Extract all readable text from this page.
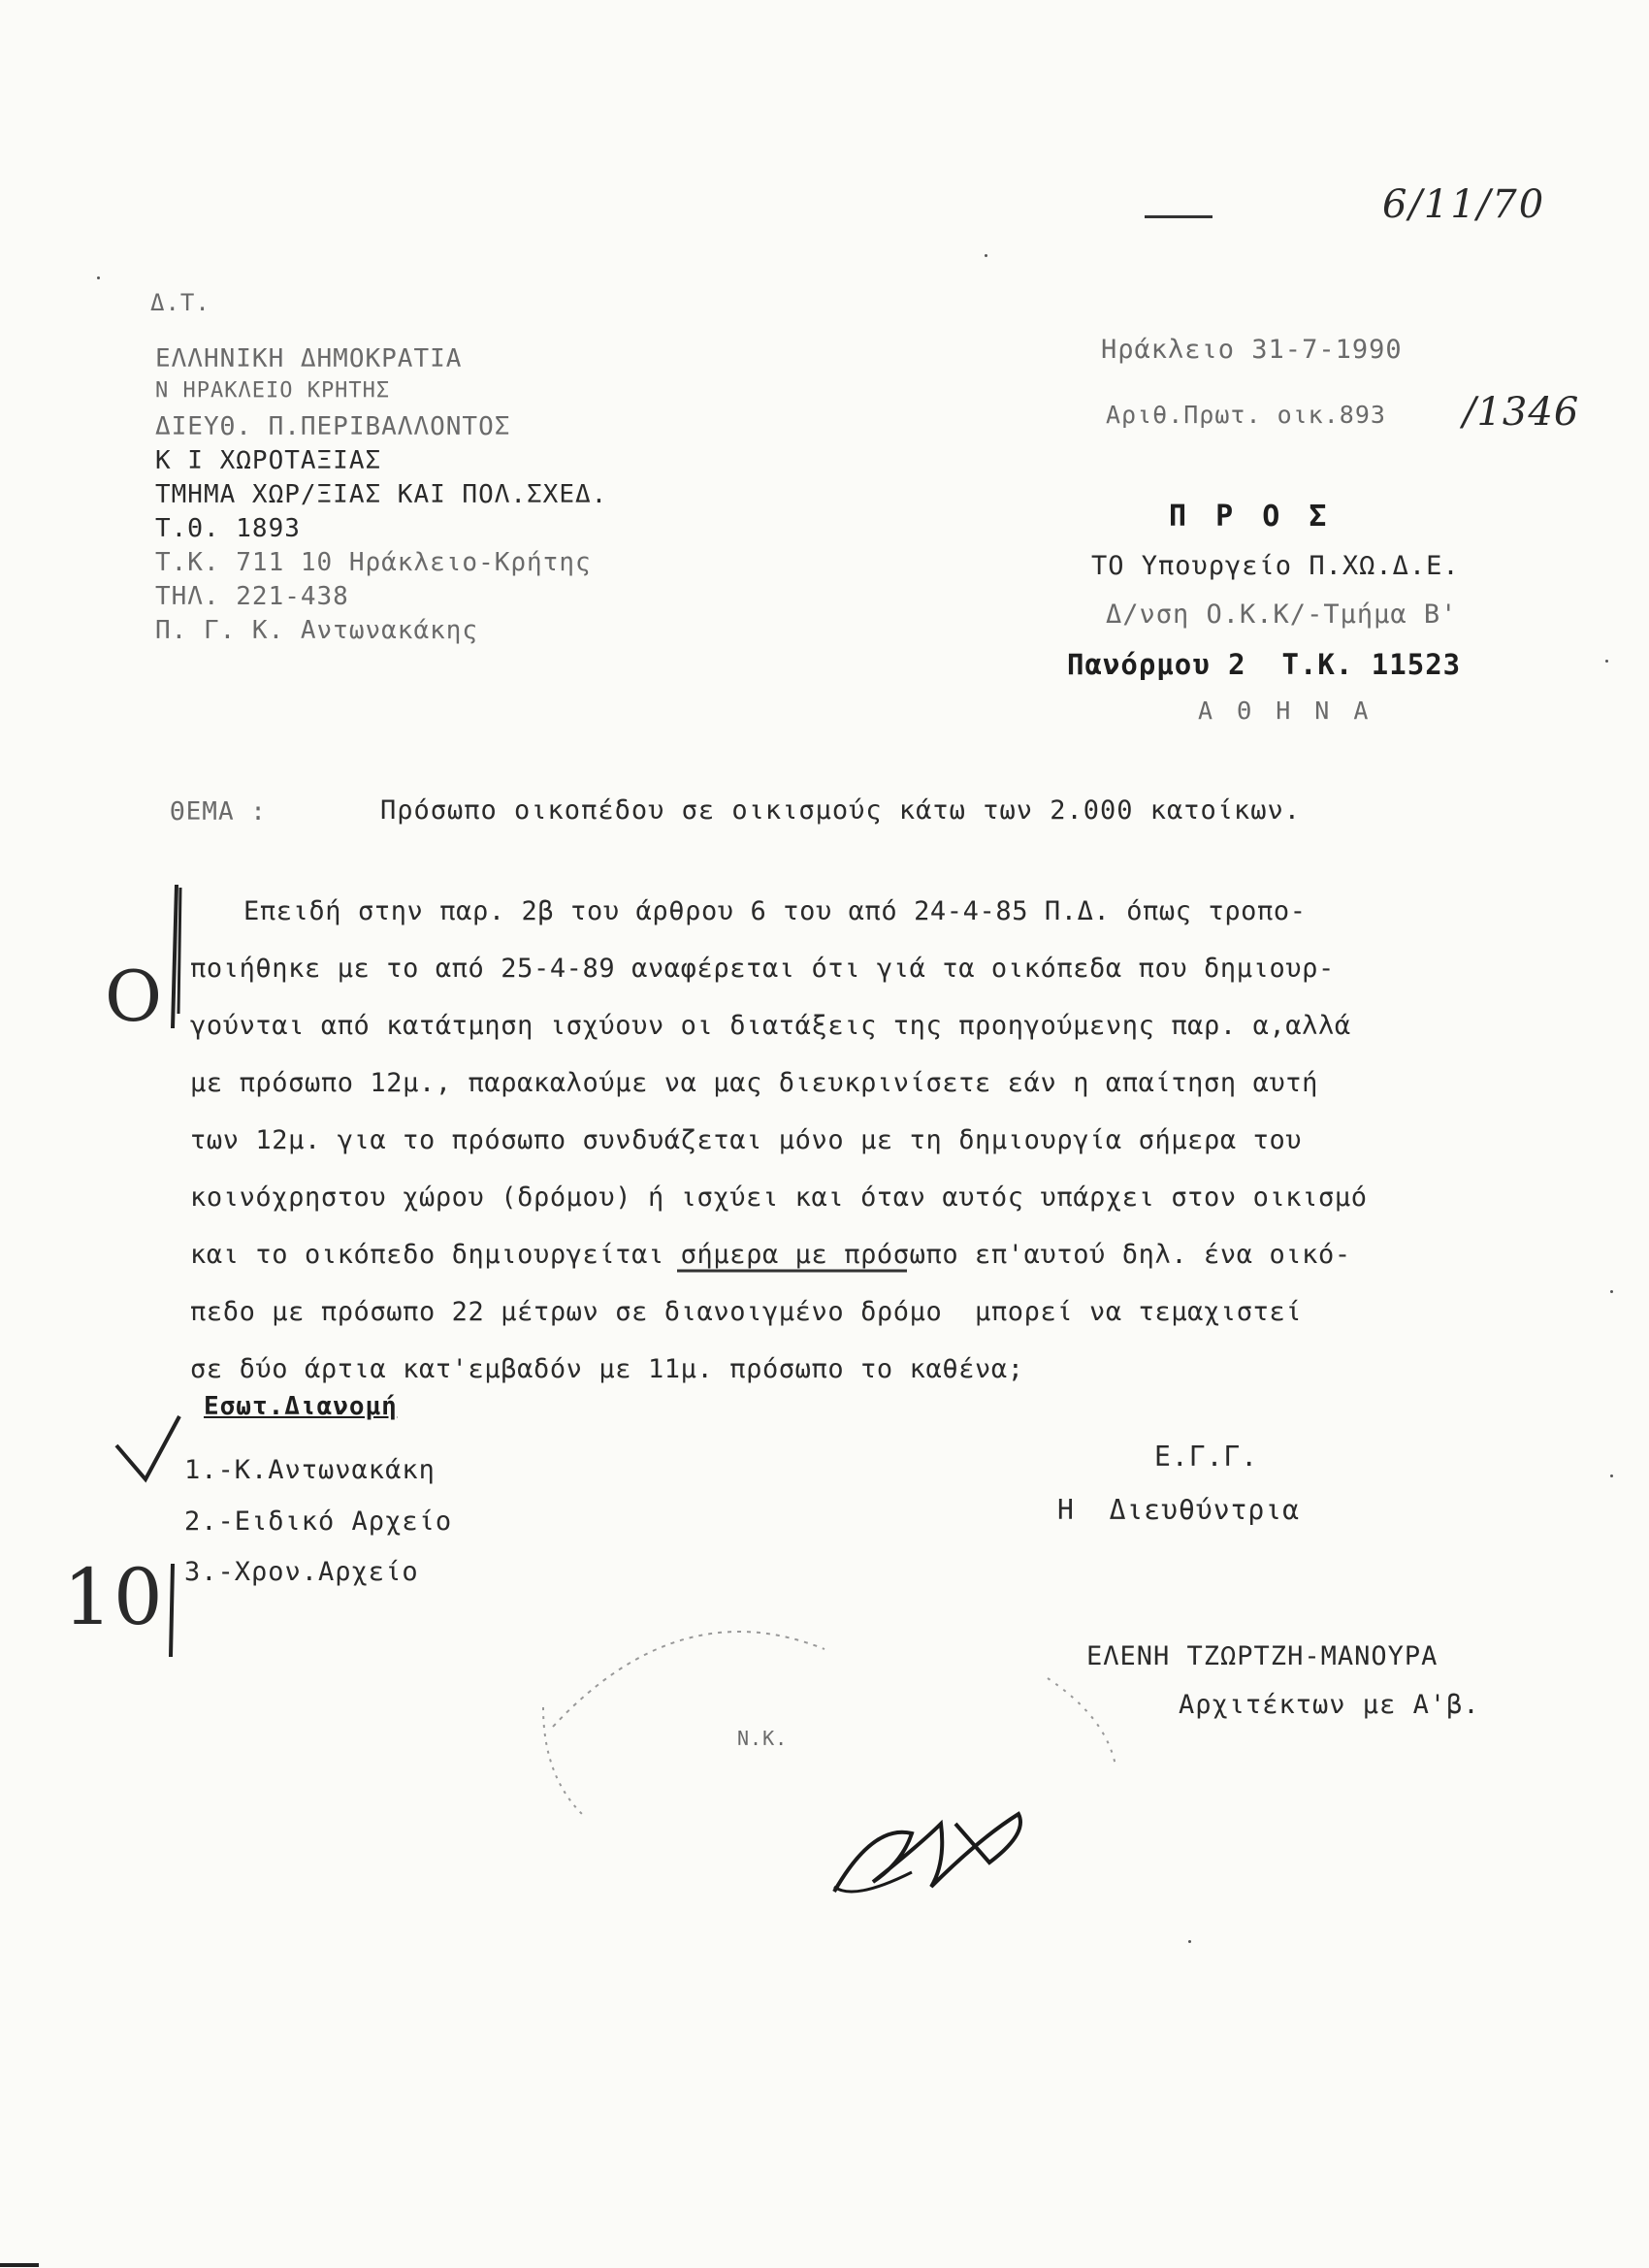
6/11/70
Δ.Τ.
ΕΛΛΗΝΙΚΗ ΔΗΜΟΚΡΑΤΙΑ
Ν ΗΡΑΚΛΕΙΟ ΚΡΗΤΗΣ
ΔΙΕΥΘ. Π.ΠΕΡΙΒΑΛΛΟΝΤΟΣ
Κ Ι ΧΩΡΟΤΑΞΙΑΣ
ΤΜΗΜΑ ΧΩΡ/ΞΙΑΣ ΚΑΙ ΠΟΛ.ΣΧΕΔ.
Τ.Θ. 1893
Τ.Κ. 711 10 Ηράκλειο-Κρήτης
ΤΗΛ. 221-438
Π. Γ. Κ. Αντωνακάκης
Ηράκλειο 31-7-1990
Αριθ.Πρωτ. οικ.893 /1346
Π Ρ Ο Σ
ΤΟ Υπουργείο Π.ΧΩ.Δ.Ε.
Δ/νση Ο.Κ.Κ/-Τμήμα Β'
Πανόρμου 2  Τ.Κ. 11523
Α Θ Η Ν Α
ΘΕΜΑ :	Πρόσωπο οικοπέδου σε οικισμούς κάτω των 2.000 κατοίκων.
Επειδή στην παρ. 2β του άρθρου 6 του από 24-4-85 Π.Δ. όπως τροπο-
ποιήθηκε με το από 25-4-89 αναφέρεται ότι γιά τα οικόπεδα που δημιουρ-
γούνται από κατάτμηση ισχύουν οι διατάξεις της προηγούμενης παρ. α,αλλά
με πρόσωπο 12μ., παρακαλούμε να μας διευκρινίσετε εάν η απαίτηση αυτή
των 12μ. για το πρόσωπο συνδυάζεται μόνο με τη δημιουργία σήμερα του
κοινόχρηστου χώρου (δρόμου) ή ισχύει και όταν αυτός υπάρχει στον οικισμό
και το οικόπεδο δημιουργείται σήμερα με πρόσωπο επ'αυτού δηλ. ένα οικό-
πεδο με πρόσωπο 22 μέτρων σε διανοιγμένο δρόμο  μπορεί να τεμαχιστεί
σε δύο άρτια κατ'εμβαδόν με 11μ. πρόσωπο το καθένα;
Ο
10
Εσωτ.Διανομή
1.-Κ.Αντωνακάκη
2.-Ειδικό Αρχείο
3.-Χρον.Αρχείο
Ε.Γ.Γ.
Η  Διευθύντρια
ΕΛΕΝΗ ΤΖΩΡΤΖΗ-ΜΑΝΟΥΡΑ
Αρχιτέκτων με Α'β.
Ν.Κ.
